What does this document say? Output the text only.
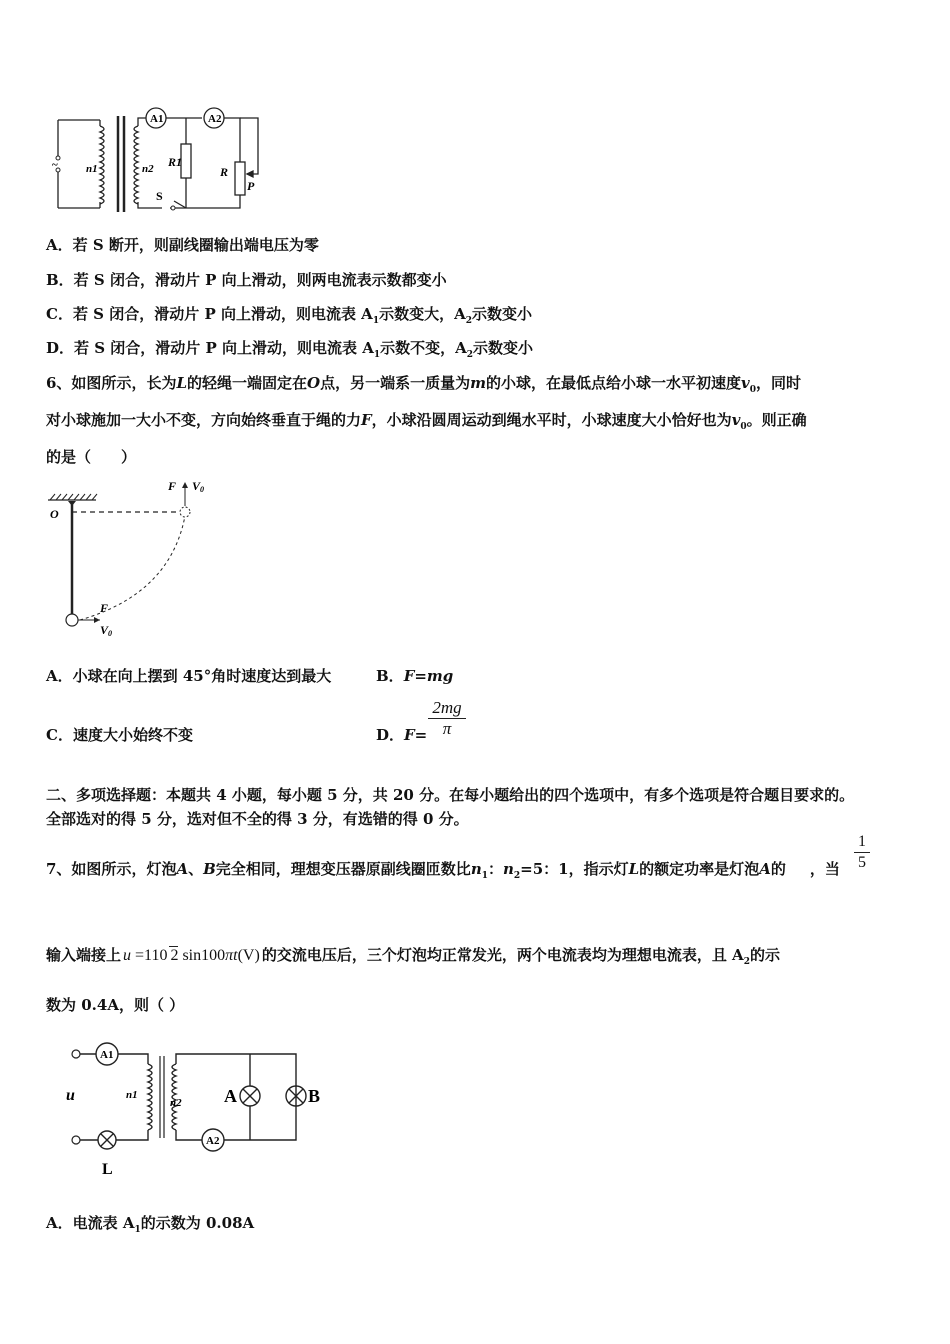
~	n1	n2
A1	A2
R1
R
P
S
A．若 S 断开，则副线圈输出端电压为零
B．若 S 闭合，滑动片 P 向上滑动，则两电流表示数都变小
C．若 S 闭合，滑动片 P 向上滑动，则电流表 $A_1$示数变大，$A_2$示数变小
D．若 S 闭合，滑动片 P 向上滑动，则电流表 $A_1$示数不变，$A_2$示数变小
6、如图所示，长为L的轻绳一端固定在O点，另一端系一质量为m的小球，在最低点给小球一水平初速度$v_0$，同时
对小球施加一大小不变，方向始终垂直于绳的力F，小球沿圆周运动到绳水平时，小球速度大小恰好也为$v_0$。则正确
的是（　　）
O
F V0
F
V0
A．小球在向上摆到 45°角时速度达到最大	B．F=mg
C．速度大小始终不变	D．F=
2mg
π
二、多项选择题：本题共 4 小题，每小题 5 分，共 20 分。在每小题给出的四个选项中，有多个选项是符合题目要求的。
全部选对的得 5 分，选对但不全的得 3 分，有选错的得 0 分。
7、如图所示，灯泡A、B完全相同，理想变压器原副线圈匝数比$n_1$：$n_2=5$：1，指示灯L的额定功率是灯泡A的 ，当
1
5
输入端接上 u =110 2 sin100πt(V) 的交流电压后，三个灯泡均正常发光，两个电流表均为理想电流表，且 $A_2$的示
数为 0.4A，则（ ）
u
A1
A2
n1
n2 A	B
L
A．电流表 $A_1$的示数为 0.08A
